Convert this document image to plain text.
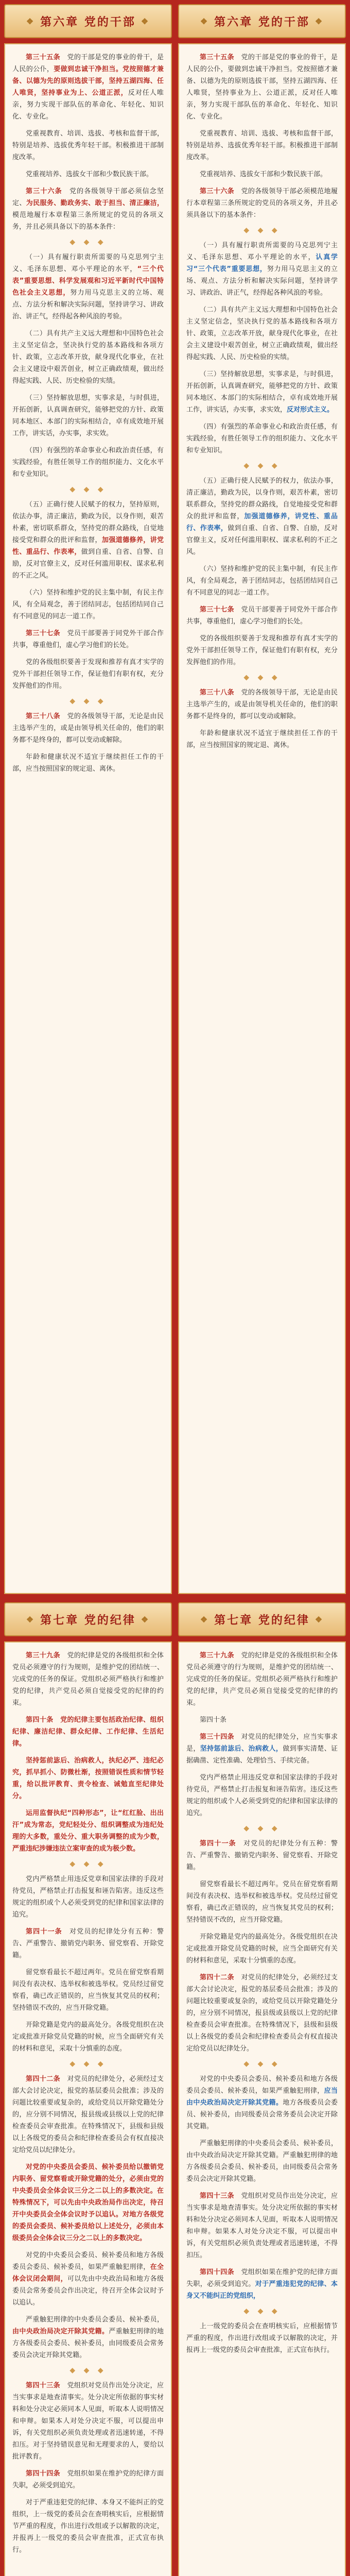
❖ 第六章 党的干部 ❖	❖ 第六章 党的干部 ❖

第三十五条　 党的干部是党的事业的骨干，是人民的公仆，要做到忠诚干净担当。党按照德才兼备、以德为先的原则选拔干部，坚持五湖四海、任人唯贤，坚持事业为上、公道正派，反对任人唯亲，努力实现干部队伍的革命化、年轻化、知识化、专业化。

党重视教育、培训、选拔、考核和监督干部，特别是培养、选拔优秀年轻干部。积极推进干部制度改革。

党重视培养、选拔女干部和少数民族干部。

第三十六条　 党的各级领导干部必须信念坚定、为民服务、勤政务实、敢于担当、清正廉洁，模范地履行本章程第三条所规定的党员的各项义务，并且必须具备以下的基本条件：

◆ ◆ ◆

（一）具有履行职责所需要的马克思列宁主义、毛泽东思想、邓小平理论的水平，“三个代表”重要思想、科学发展观和习近平新时代中国特色社会主义思想，努力用马克思主义的立场、观点、方法分析和解决实际问题，坚持讲学习、讲政治、讲正气，经得起各种风浪的考验。

（二）具有共产主义远大理想和中国特色社会主义坚定信念，坚决执行党的基本路线和各项方针、政策，立志改革开放，献身现代化事业，在社会主义建设中艰苦创业，树立正确政绩观，做出经得起实践、人民、历史检验的实绩。

（三）坚持解放思想，实事求是，与时俱进，开拓创新，认真调查研究，能够把党的方针、政策同本地区、本部门的实际相结合，卓有成效地开展工作，讲实话，办实事，求实效。

（四）有强烈的革命事业心和政治责任感，有实践经验，有胜任领导工作的组织能力、文化水平和专业知识。

◆ ◆ ◆

（五）正确行使人民赋予的权力，坚持原则，依法办事，清正廉洁，勤政为民，以身作则，艰苦朴素，密切联系群众，坚持党的群众路线，自觉地接受党和群众的批评和监督，加强道德修养，讲党性、重品行、作表率，做到自重、自省、自警、自励，反对官僚主义，反对任何滥用职权、谋求私利的不正之风。

（六）坚持和维护党的民主集中制，有民主作风，有全局观念，善于团结同志，包括团结同自己有不同意见的同志一道工作。

第三十七条　 党员干部要善于同党外干部合作共事，尊重他们，虚心学习他们的长处。

党的各级组织要善于发现和推荐有真才实学的党外干部担任领导工作，保证他们有职有权，充分发挥他们的作用。

◆ ◆ ◆

第三十八条　 党的各级领导干部，无论是由民主选举产生的，或是由领导机关任命的，他们的职务都不是终身的，都可以变动或解除。

年龄和健康状况不适宜于继续担任工作的干部，应当按照国家的规定退、离休。

第三十五条　 党的干部是党的事业的骨干，是人民的公仆，要做到忠诚干净担当。党按照德才兼备、以德为先的原则选拔干部，坚持五湖四海、任人唯贤，坚持事业为上、公道正派，反对任人唯亲，努力实现干部队伍的革命化、年轻化、知识化、专业化。

党重视教育、培训、选拔、考核和监督干部，特别是培养、选拔优秀年轻干部。积极推进干部制度改革。

党重视培养、选拔女干部和少数民族干部。

第三十六条　 党的各级领导干部必须模范地履行本章程第三条所规定的党员的各项义务，并且必须具备以下的基本条件：

◆ ◆ ◆

（一）具有履行职责所需要的马克思列宁主义、毛泽东思想、邓小平理论的水平，认真学习“三个代表”重要思想，努力用马克思主义的立场、观点、方法分析和解决实际问题，坚持讲学习、讲政治、讲正气，经得起各种风浪的考验。

（二）具有共产主义远大理想和中国特色社会主义坚定信念，坚决执行党的基本路线和各项方针、政策，立志改革开放，献身现代化事业，在社会主义建设中艰苦创业，树立正确政绩观，做出经得起实践、人民、历史检验的实绩。

（三）坚持解放思想，实事求是，与时俱进，开拓创新，认真调查研究，能够把党的方针、政策同本地区、本部门的实际相结合，卓有成效地开展工作，讲实话，办实事，求实效，反对形式主义。

（四）有强烈的革命事业心和政治责任感，有实践经验，有胜任领导工作的组织能力、文化水平和专业知识。

◆ ◆ ◆

（五）正确行使人民赋予的权力，依法办事，清正廉洁，勤政为民，以身作则，艰苦朴素，密切联系群众，坚持党的群众路线，自觉地接受党和群众的批评和监督，加强道德修养，讲党性、重品行、作表率，做到自重、自省、自警、自励，反对官僚主义，反对任何滥用职权、谋求私利的不正之风。

（六）坚持和维护党的民主集中制，有民主作风，有全局观念，善于团结同志，包括团结同自己有不同意见的同志一道工作。

第三十七条　 党员干部要善于同党外干部合作共事，尊重他们，虚心学习他们的长处。

党的各级组织要善于发现和推荐有真才实学的党外干部担任领导工作，保证他们有职有权，充分发挥他们的作用。

◆ ◆ ◆

第三十八条　 党的各级领导干部，无论是由民主选举产生的，或是由领导机关任命的，他们的职务都不是终身的，都可以变动或解除。

年龄和健康状况不适宜于继续担任工作的干部，应当按照国家的规定退、离休。

❖ 第七章 党的纪律 ❖	❖ 第七章 党的纪律 ❖

第三十九条　 党的纪律是党的各级组织和全体党员必须遵守的行为规则，是维护党的团结统一、完成党的任务的保证。党组织必须严格执行和维护党的纪律，共产党员必须自觉接受党的纪律的约束。

第四十条　 党的纪律主要包括政治纪律、组织纪律、廉洁纪律、群众纪律、工作纪律、生活纪律。

坚持惩前毖后、治病救人，执纪必严、违纪必究，抓早抓小、防微杜渐，按照错误性质和情节轻重，给以批评教育、责令检查、诫勉直至纪律处分。

运用监督执纪“四种形态”，让“红红脸、出出汗”成为常态，党纪轻处分、组织调整成为违纪处理的大多数，重处分、重大职务调整的成为少数，严重违纪涉嫌违法立案审查的成为极少数。

◆ ◆ ◆

党内严格禁止用违反党章和国家法律的手段对待党员，严格禁止打击报复和诬告陷害。违反这些规定的组织或个人必须受到党的纪律和国家法律的追究。

第四十一条　 对党员的纪律处分有五种：警告、严重警告、撤销党内职务、留党察看、开除党籍。

留党察看最长不超过两年。党员在留党察看期间没有表决权、选举权和被选举权。党员经过留党察看，确已改正错误的，应当恢复其党员的权利；坚持错误不改的，应当开除党籍。

开除党籍是党内的最高处分。各级党组织在决定或批准开除党员党籍的时候，应当全面研究有关的材料和意见，采取十分慎重的态度。

◆ ◆ ◆

第四十二条　 对党员的纪律处分，必须经过支部大会讨论决定，报党的基层委员会批准；涉及的问题比较重要或复杂的，或给党员以开除党籍处分的，应分别不同情况，报县级或县级以上党的纪律检查委员会审查批准。在特殊情况下，县级和县级以上各级党的委员会和纪律检查委员会有权直接决定给党员以纪律处分。

对党的中央委员会委员、候补委员给以撤销党内职务、留党察看或开除党籍的处分，必须由党的中央委员会全体会议三分之二以上的多数决定。在特殊情况下，可以先由中央政治局作出决定，待召开中央委员会全体会议时予以追认。对地方各级党的委员会委员、候补委员给以上述处分，必须由本级委员会全体会议三分之二以上的多数决定。

对党的中央委员会委员、候补委员和地方各级委员会委员、候补委员，如果严重触犯刑律，在全体会议闭会期间，可以先由中央政治局和地方各级委员会常务委员会作出决定，待召开全体会议时予以追认。

严重触犯刑律的中央委员会委员、候补委员，由中央政治局决定开除其党籍。严重触犯刑律的地方各级委员会委员、候补委员，由同级委员会常务委员会决定开除其党籍。

◆ ◆ ◆

第四十三条　 党组织对党员作出处分决定，应当实事求是地查清事实。处分决定所依据的事实材料和处分决定必须同本人见面，听取本人说明情况和申辩。如果本人对处分决定不服，可以提出申诉，有关党组织必须负责处理或者迅速转递，不得扣压。对于坚持错误意见和无理要求的人，要给以批评教育。

第四十四条　 党组织如果在维护党的纪律方面失职，必须受到追究。

对于严重违犯党的纪律、本身又不能纠正的党组织，上一级党的委员会在查明核实后，应根据情节严重的程度，作出进行改组或予以解散的决定，并报再上一级党的委员会审查批准，正式宣布执行。

第三十九条　 党的纪律是党的各级组织和全体党员必须遵守的行为规则，是维护党的团结统一、完成党的任务的保证。党组织必须严格执行和维护党的纪律，共产党员必须自觉接受党的纪律的约束。

第四十条

第三十四条　 对党员的纪律处分，应当实事求是，坚持惩前毖后、治病救人，做到事实清楚、证据确凿、定性准确、处理恰当、手续完备。

党内严格禁止用违反党章和国家法律的手段对待党员，严格禁止打击报复和诬告陷害。违反这些规定的组织或个人必须受到党的纪律和国家法律的追究。

◆ ◆ ◆

第四十一条　 对党员的纪律处分有五种：警告、严重警告、撤销党内职务、留党察看、开除党籍。

留党察看最长不超过两年。党员在留党察看期间没有表决权、选举权和被选举权。党员经过留党察看，确已改正错误的，应当恢复其党员的权利；坚持错误不改的，应当开除党籍。

开除党籍是党内的最高处分。各级党组织在决定或批准开除党员党籍的时候，应当全面研究有关的材料和意见，采取十分慎重的态度。

第四十二条　 对党员的纪律处分，必须经过支部大会讨论决定，报党的基层委员会批准；涉及的问题比较重要或复杂的，或给党员以开除党籍处分的，应分别不同情况，报县级或县级以上党的纪律检查委员会审查批准。在特殊情况下，县级和县级以上各级党的委员会和纪律检查委员会有权直接决定给党员以纪律处分。

◆ ◆ ◆

对党的中央委员会委员、候补委员和地方各级委员会委员、候补委员，如果严重触犯刑律，应当由中央政治局决定开除其党籍。地方各级委员会委员、候补委员，由同级委员会常务委员会决定开除其党籍。

严重触犯刑律的中央委员会委员、候补委员，由中央政治局决定开除其党籍。严重触犯刑律的地方各级委员会委员、候补委员，由同级委员会常务委员会决定开除其党籍。

第四十三条　 党组织对党员作出处分决定，应当实事求是地查清事实。处分决定所依据的事实材料和处分决定必须同本人见面，听取本人说明情况和申辩。如果本人对处分决定不服，可以提出申诉，有关党组织必须负责处理或者迅速转递，不得扣压。

第四十四条　 党组织如果在维护党的纪律方面失职，必须受到追究。对于严重违犯党的纪律、本身又不能纠正的党组织，

◆ ◆ ◆

上一级党的委员会在查明核实后，应根据情节严重的程度，作出进行改组或予以解散的决定，并报再上一级党的委员会审查批准，正式宣布执行。
